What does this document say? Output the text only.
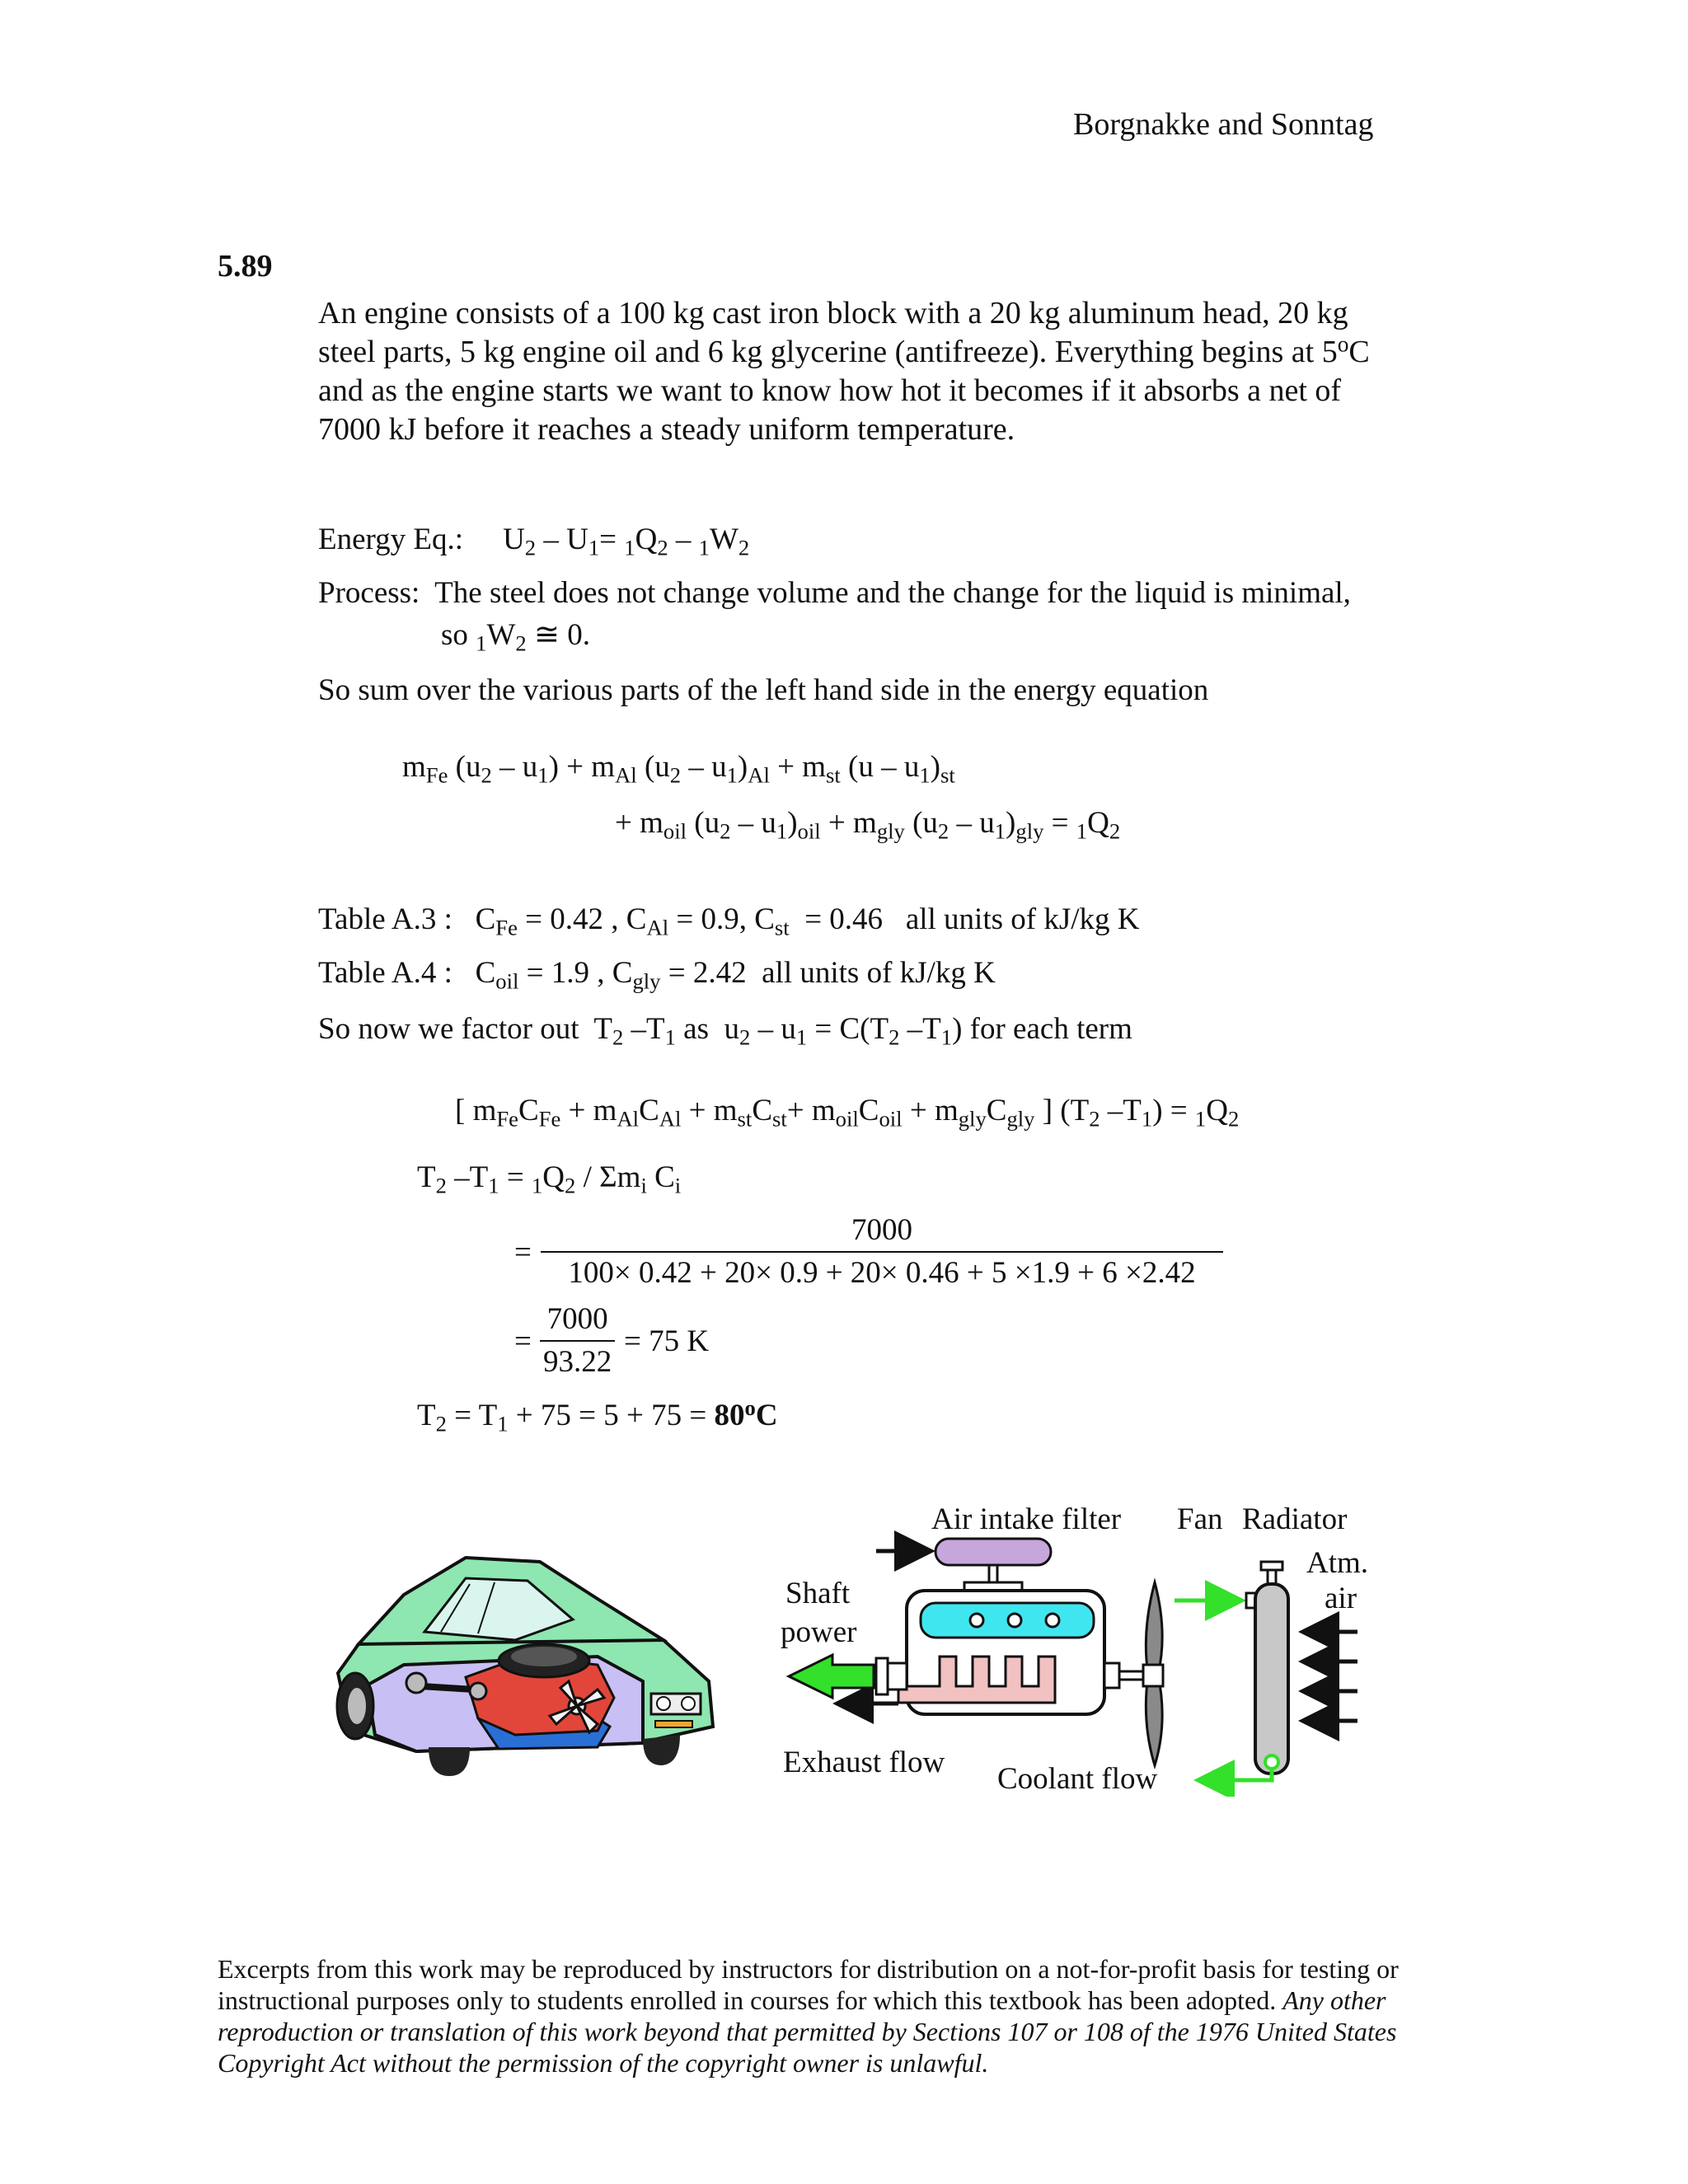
Borgnakke and Sonntag
5.89
An engine consists of a 100 kg cast iron block with a 20 kg aluminum head, 20 kg
steel parts, 5 kg engine oil and 6 kg glycerine (antifreeze). Everything begins at 5$^o$C
and as the engine starts we want to know how hot it becomes if it absorbs a net of
7000 kJ before it reaches a steady uniform temperature.
Energy Eq.: $U_2 - U_1= _1Q_2 - _1W_2$
Process: The steel does not change volume and the change for the liquid is minimal,
so $_1W_2$ ≅ 0.
So sum over the various parts of the left hand side in the energy equation
$m_{Fe}$ $(u_2 - u_1) + m_{Al}$ $(u_2 - u_1)_{Al} + m_{st}$ $(u - u_1)_{st}$
+ $m_{oil}$ $(u_2 - u_1)_{oil} + m_{gly}$ $(u_2 - u_1)_{gly} = _1Q_2$
Table A.3 :   $C_{Fe} = 0.42$ , $C_{Al} = 0.9$, $C_{st} = 0.46$ all units of kJ/kg K
Table A.4 :   $C_{oil} = 1.9$ , $C_{gly} = 2.42$ all units of kJ/kg K
So now we factor out  $T_2$ $-T_1$ as  $u_2 - u_1 = C(T_2$ $-T_1$) for each term
[ $m_{Fe}C_{Fe} + m_{Al}C_{Al} + m_{st}C_{st}+ m_{oil}C_{oil} + m_{gly}C_{gly}$ ] ($T_2$ $-T_1) = _1Q_2$
$T_2$ $-T_1 = _1Q_2 / \Sigma m_i$ $C_i$
= $\frac{7000}{100\times 0.42 + 20\times 0.9 + 20\times 0.46 + 5 \times 1.9 + 6 \times 2.42}$
= $\frac{7000}{93.22} = 75$ K
$T_2 = T_1 + 75 = 5 + 75 = 80^oC$
Air intake filter Fan Radiator
Atm.
air
Shaft
power
Exhaust flow Coolant flow
Excerpts from this work may be reproduced by instructors for distribution on a not-for-profit basis for testing or instructional purposes only to students enrolled in courses for which this textbook has been adopted. Any other reproduction or translation of this work beyond that permitted by Sections 107 or 108 of the 1976 United States Copyright Act without the permission of the copyright owner is unlawful.
